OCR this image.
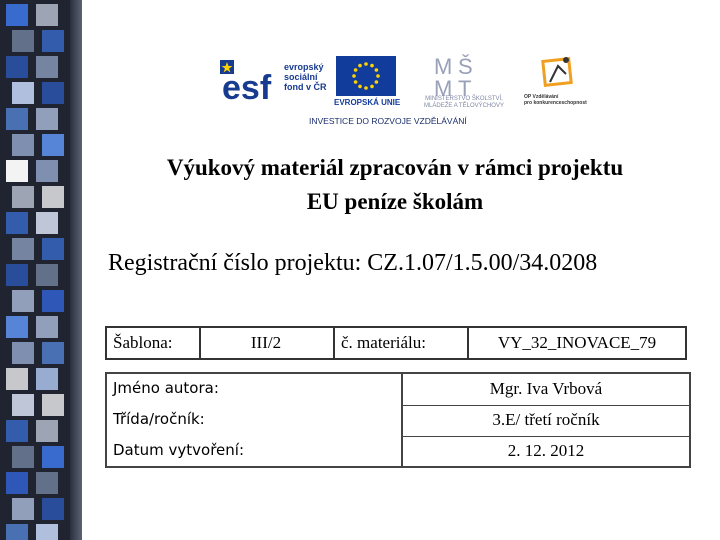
esf
evropský
sociální
fond v ČR
EVROPSKÁ UNIE
M Š
M T
MINISTERSTVO ŠKOLSTVÍ,
MLÁDEŽE A TĚLOVÝCHOVY
OP Vzdělávání
pro konkurenceschopnost
INVESTICE DO ROZVOJE VZDĚLÁVÁNÍ
Výukový materiál zpracován v rámci projektu
EU peníze školám
Registrační číslo projektu: CZ.1.07/1.5.00/34.0208
Šablona:	III/2	č. materiálu:	VY_32_INOVACE_79
Jméno autora:	Mgr. Iva Vrbová
Třída/ročník:	3.E/ třetí ročník
Datum vytvoření:	2. 12. 2012
